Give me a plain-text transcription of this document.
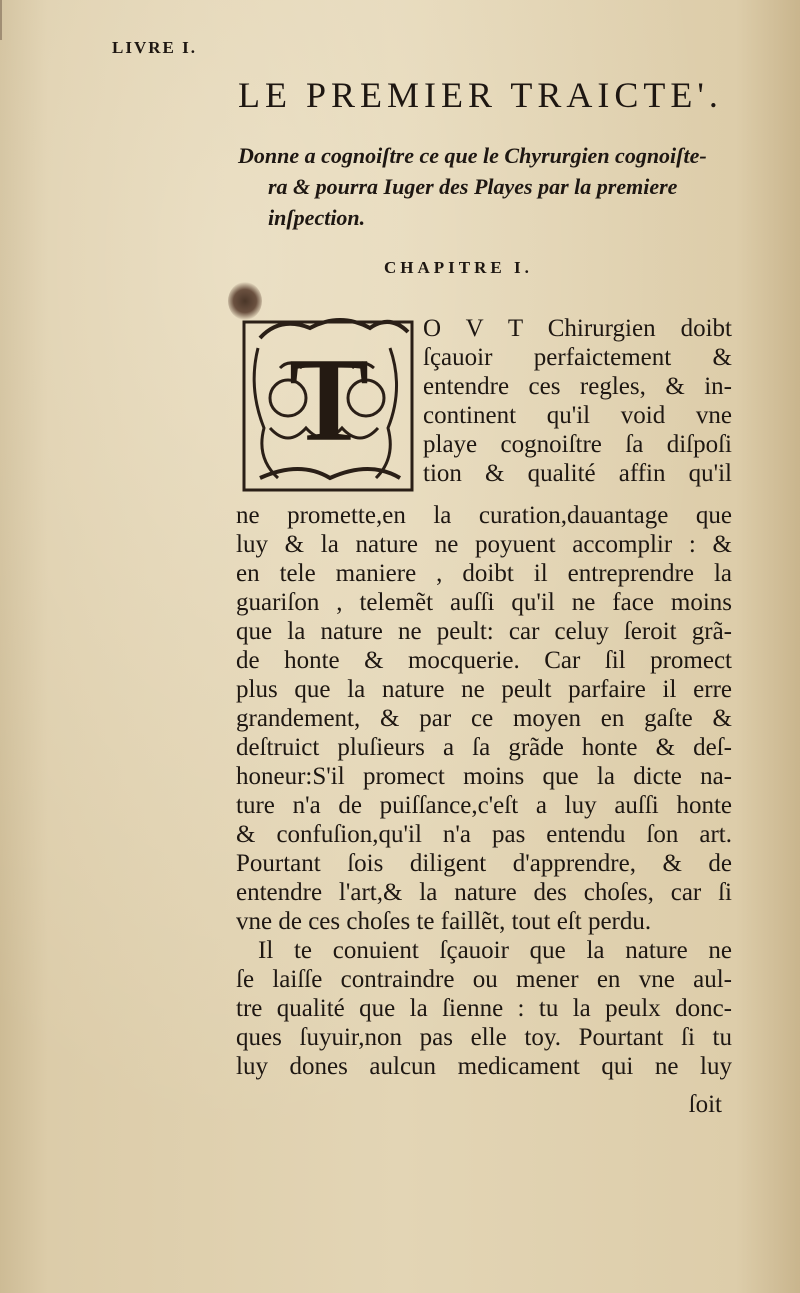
LIVRE I.
LE PREMIER TRAICTE'.
Donne a cognoiſtre ce que le Chyrurgien cognoiſte-
ra & pourra Iuger des Playes par la premiere
inſpection.
CHAPITRE I.
T
O V T Chirurgien doibt
ſçauoir perfaictement &
entendre ces regles, & in-
continent qu'il void vne
playe cognoiſtre ſa diſpoſi
tion & qualité affin qu'il
ne promette,en la curation,dauantage que
luy & la nature ne poyuent accomplir : &
en tele maniere , doibt il entreprendre la
guariſon , telemẽt auſſi qu'il ne face moins
que la nature ne peult: car celuy ſeroit grã-
de honte & mocquerie. Car ſil promect
plus que la nature ne peult parfaire il erre
grandement, & par ce moyen en gaſte &
deſtruict pluſieurs a ſa grãde honte & deſ-
honeur:S'il promect moins que la dicte na-
ture n'a de puiſſance,c'eſt a luy auſſi honte
& confuſion,qu'il n'a pas entendu ſon art.
Pourtant ſois diligent d'apprendre, & de
entendre l'art,& la nature des choſes, car ſi
vne de ces choſes te faillẽt, tout eſt perdu.
Il te conuient ſçauoir que la nature ne
ſe laiſſe contraindre ou mener en vne aul-
tre qualité que la ſienne : tu la peulx donc-
ques ſuyuir,non pas elle toy. Pourtant ſi tu
luy dones aulcun medicament qui ne luy
ſoit
